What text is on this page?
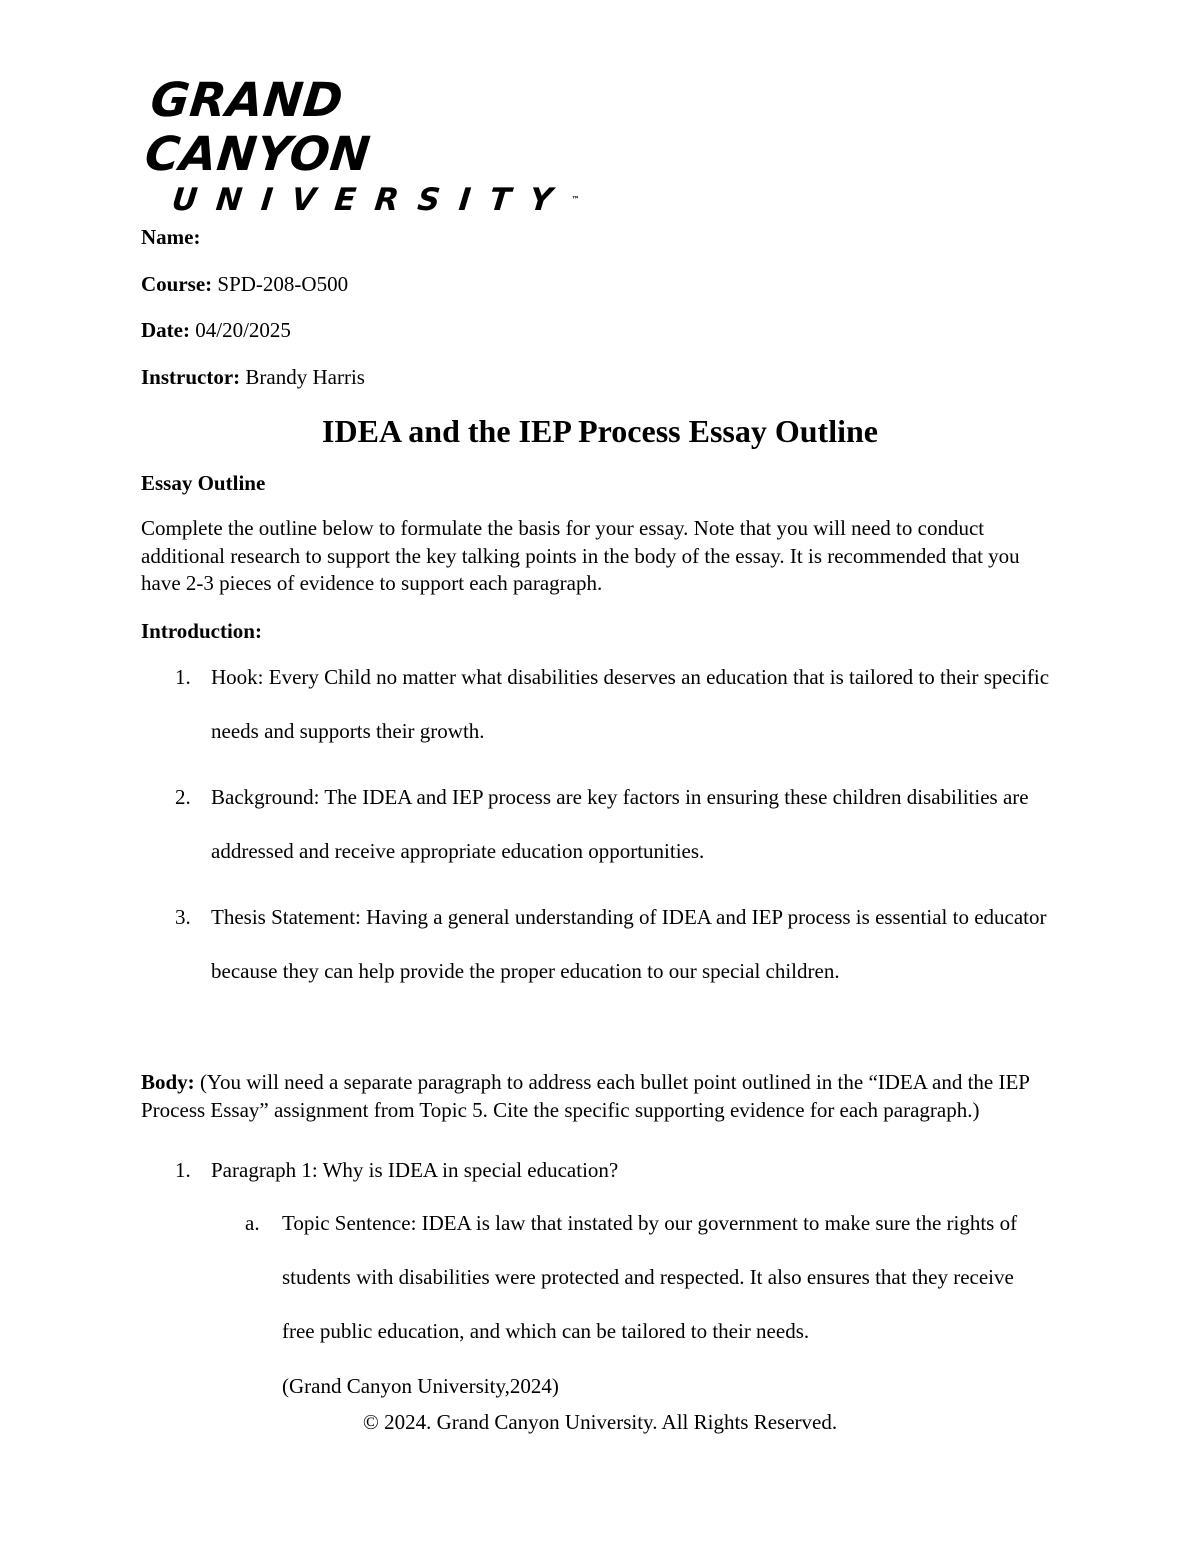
GRAND CANYON
UNIVERSITY™
Name:
Course: SPD-208-O500
Date: 04/20/2025
Instructor: Brandy Harris
IDEA and the IEP Process Essay Outline
Essay Outline
Complete the outline below to formulate the basis for your essay. Note that you will need to conduct additional research to support the key talking points in the body of the essay. It is recommended that you have 2-3 pieces of evidence to support each paragraph.
Introduction:
1. Hook: Every Child no matter what disabilities deserves an education that is tailored to their specific needs and supports their growth.
2. Background: The IDEA and IEP process are key factors in ensuring these children disabilities are addressed and receive appropriate education opportunities.
3. Thesis Statement: Having a general understanding of IDEA and IEP process is essential to educator because they can help provide the proper education to our special children.
Body: (You will need a separate paragraph to address each bullet point outlined in the “IDEA and the IEP Process Essay” assignment from Topic 5. Cite the specific supporting evidence for each paragraph.)
1. Paragraph 1: Why is IDEA in special education?
a. Topic Sentence: IDEA is law that instated by our government to make sure the rights of students with disabilities were protected and respected. It also ensures that they receive free public education, and which can be tailored to their needs.
(Grand Canyon University,2024)
© 2024. Grand Canyon University. All Rights Reserved.
